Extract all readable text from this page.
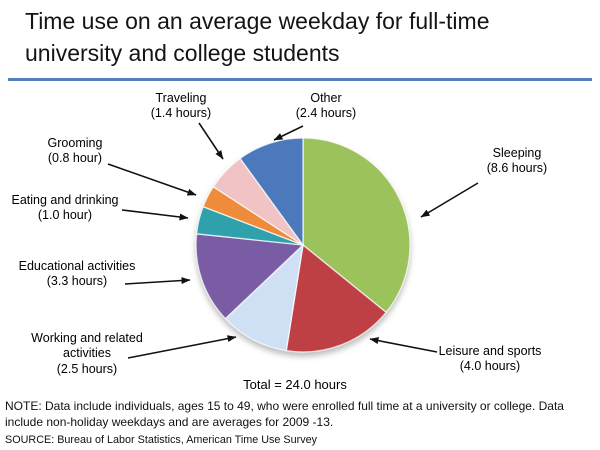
Time use on an average weekday for full-time university and college students
Traveling
(1.4 hours)
Other
(2.4 hours)
Grooming
(0.8 hour)	Sleeping
(8.6 hours)
Eating and drinking
(1.0 hour)
Educational activities
(3.3 hours)
Working and related activities
(2.5 hours)
Leisure and sports
(4.0 hours)
Total = 24.0 hours
NOTE: Data include individuals, ages 15 to 49, who were enrolled full time at a university or college. Data include non-holiday weekdays and are averages for 2009 -13.
SOURCE: Bureau of Labor Statistics, American Time Use Survey
